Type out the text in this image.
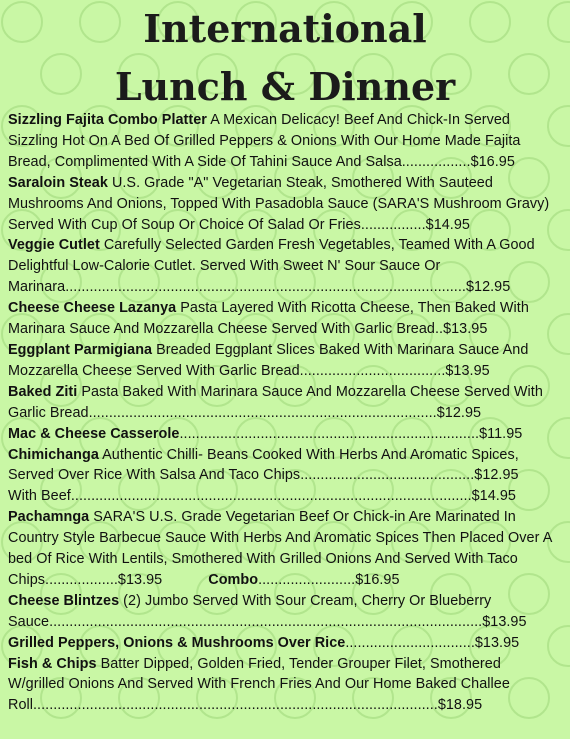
International
Lunch & Dinner

Sizzling Fajita Combo Platter A Mexican Delicacy! Beef And Chick-In Served Sizzling Hot On A Bed Of Grilled Peppers & Onions With Our Home Made Fajita Bread, Complimented With A Side Of Tahini Sauce And Salsa.................$16.95

Saraloin Steak U.S. Grade "A" Vegetarian Steak, Smothered With Sauteed Mushrooms And Onions, Topped With Pasadobla Sauce (SARA'S Mushroom Gravy) Served With Cup Of Soup Or Choice Of Salad Or Fries................$14.95

Veggie Cutlet Carefully Selected Garden Fresh Vegetables, Teamed With A Good Delightful Low-Calorie Cutlet. Served With Sweet N' Sour Sauce Or Marinara...................................................................................................$12.95

Cheese Cheese Lazanya Pasta Layered With Ricotta Cheese, Then Baked With Marinara Sauce And Mozzarella Cheese Served With Garlic Bread..$13.95

Eggplant Parmigiana Breaded Eggplant Slices Baked With Marinara Sauce And Mozzarella Cheese Served With Garlic Bread....................................$13.95

Baked Ziti Pasta Baked With Marinara Sauce And Mozzarella Cheese Served With Garlic Bread......................................................................................$12.95

Mac & Cheese Casserole..........................................................................$11.95

Chimichanga Authentic Chilli- Beans Cooked With Herbs And Aromatic Spices, Served Over Rice With Salsa And Taco Chips...........................................$12.95
With Beef...................................................................................................$14.95

Pachamnga SARA'S U.S. Grade Vegetarian Beef Or Chick-in Are Marinated In Country Style Barbecue Sauce With Herbs And Aromatic Spices Then Placed Over A bed Of Rice With Lentils, Smothered With Grilled Onions And Served With Taco Chips..................$13.95	Combo........................$16.95

Cheese Blintzes (2) Jumbo Served With Sour Cream, Cherry Or Blueberry Sauce...........................................................................................................$13.95

Grilled Peppers, Onions & Mushrooms Over Rice................................$13.95

Fish & Chips Batter Dipped, Golden Fried, Tender Grouper Filet, Smothered W/grilled Onions And Served With French Fries And Our Home Baked Challee Roll....................................................................................................$18.95
